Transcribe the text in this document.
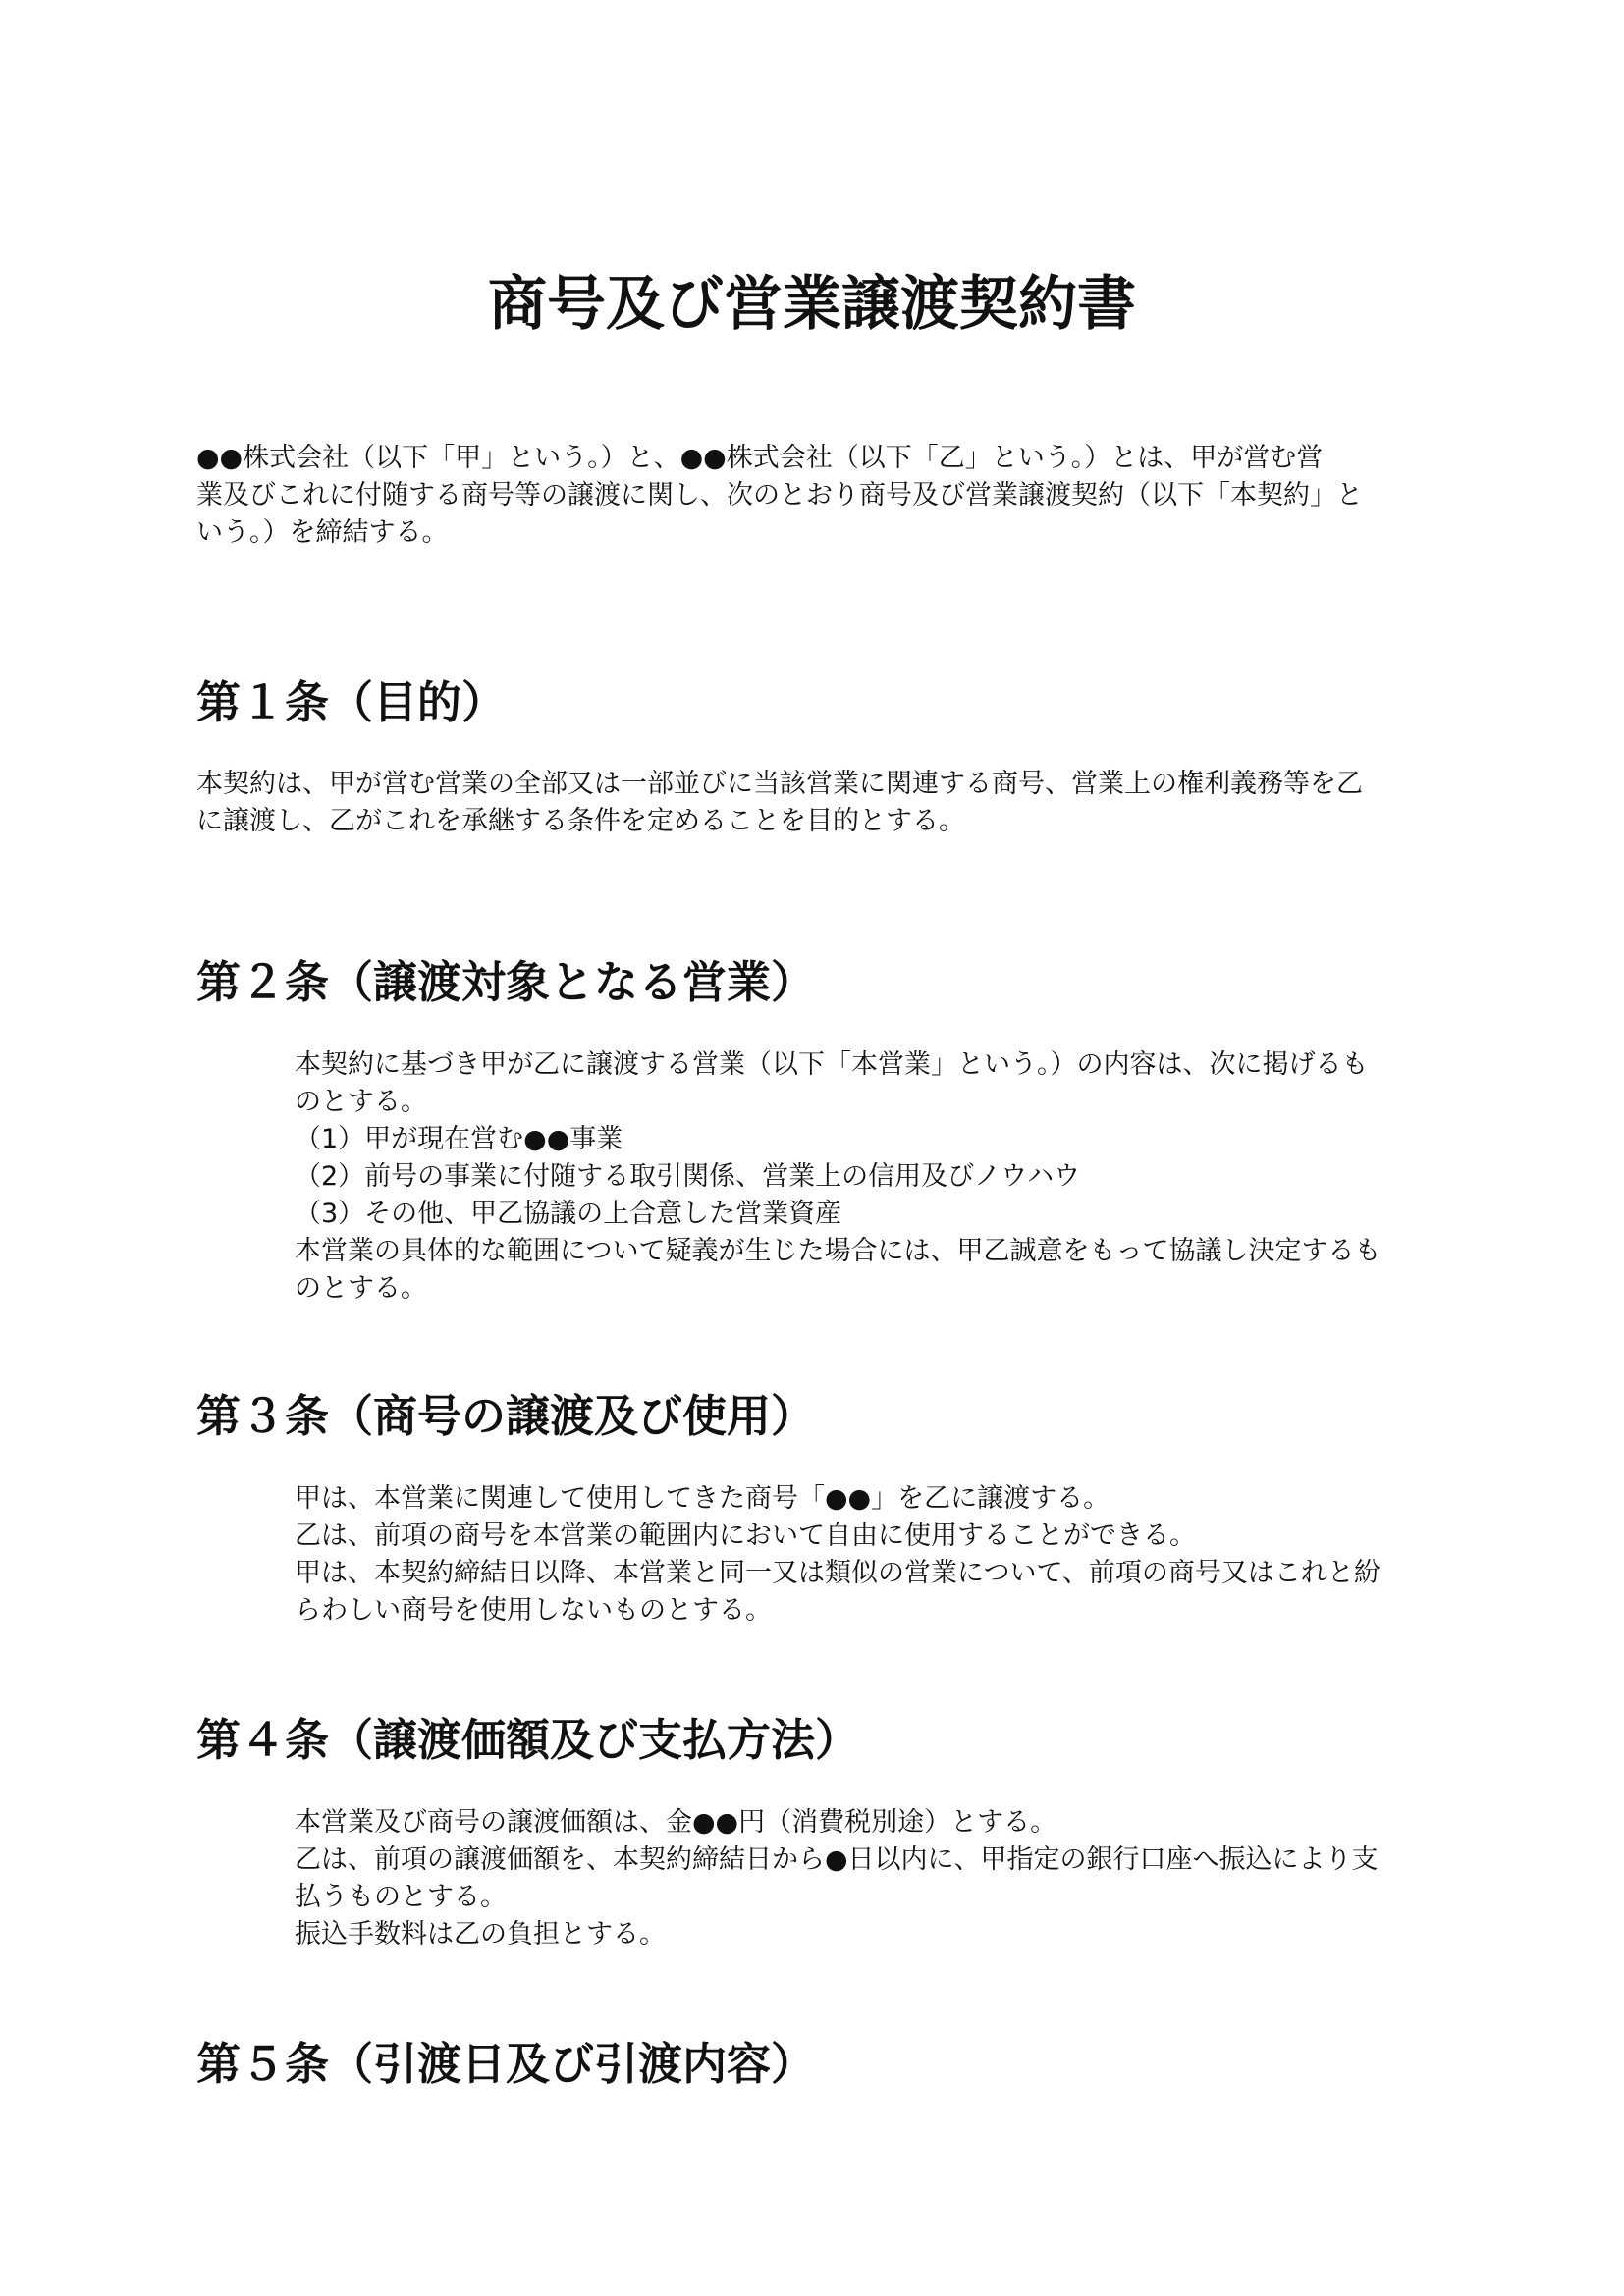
商号及び営業譲渡契約書

●●株式会社（以下「甲」という。）と、●●株式会社（以下「乙」という。）とは、甲が営む営
業及びこれに付随する商号等の譲渡に関し、次のとおり商号及び営業譲渡契約（以下「本契約」と
いう。）を締結する。

第１条（目的）
本契約は、甲が営む営業の全部又は一部並びに当該営業に関連する商号、営業上の権利義務等を乙
に譲渡し、乙がこれを承継する条件を定めることを目的とする。
第２条（譲渡対象となる営業）
本契約に基づき甲が乙に譲渡する営業（以下「本営業」という。）の内容は、次に掲げるも
のとする。
（1）甲が現在営む●●事業
（2）前号の事業に付随する取引関係、営業上の信用及びノウハウ
（3）その他、甲乙協議の上合意した営業資産
本営業の具体的な範囲について疑義が生じた場合には、甲乙誠意をもって協議し決定するも
のとする。
第３条（商号の譲渡及び使用）
甲は、本営業に関連して使用してきた商号「●●」を乙に譲渡する。
乙は、前項の商号を本営業の範囲内において自由に使用することができる。
甲は、本契約締結日以降、本営業と同一又は類似の営業について、前項の商号又はこれと紛
らわしい商号を使用しないものとする。
第４条（譲渡価額及び支払方法）
本営業及び商号の譲渡価額は、金●●円（消費税別途）とする。
乙は、前項の譲渡価額を、本契約締結日から●日以内に、甲指定の銀行口座へ振込により支
払うものとする。
振込手数料は乙の負担とする。
第５条（引渡日及び引渡内容）
